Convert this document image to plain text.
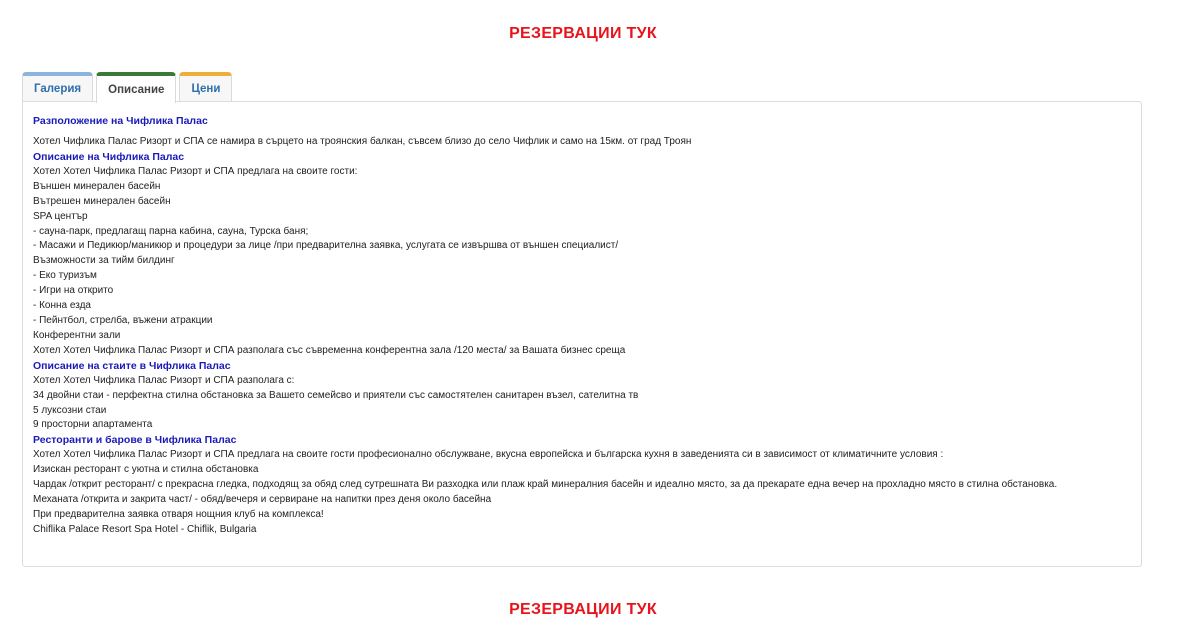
РЕЗЕРВАЦИИ ТУК
Галерия	Описание	Цени
Разположение на Чифлика Палас
Хотел Чифлика Палас Ризорт и СПА се намира в сърцето на троянския балкан, съвсем близо до село Чифлик и само на 15км. от град Троян
Описание на Чифлика Палас
Хотел Хотел Чифлика Палас Ризорт и СПА предлага на своите гости:
Външен минерален басейн
Вътрешен минерален басейн
SPA център
- сауна-парк, предлагащ парна кабина, сауна, Турска баня;
- Масажи и Педикюр/маникюр и процедури за лице /при предварителна заявка, услугата се извършва от външен специалист/
Възможности за тийм билдинг
- Еко туризъм
- Игри на открито
- Конна езда
- Пейнтбол, стрелба, въжени атракции
Конферентни зали
Хотел Хотел Чифлика Палас Ризорт и СПА разполага със съвременна конферентна зала /120 места/ за Вашата бизнес среща
Описание на стаите в Чифлика Палас
Хотел Хотел Чифлика Палас Ризорт и СПА разполага с:
34 двойни стаи - перфектна стилна обстановка за Вашето семейсво и приятели със самостятелен санитарен възел, сателитна тв
5 луксозни стаи
9 просторни апартамента
Ресторанти и барове в Чифлика Палас
Хотел Хотел Чифлика Палас Ризорт и СПА предлага на своите гости професионално обслужване, вкусна европейска и българска кухня в заведенията си в зависимост от климатичните условия :
Изискан ресторант с уютна и стилна обстановка
Чардак /открит ресторант/ с прекрасна гледка, подходящ за обяд след сутрешната Ви разходка или плаж край минералния басейн и идеално място, за да прекарате една вечер на прохладно място в стилна обстановка.
Механата /открита и закрита част/ - обяд/вечеря и сервиране на напитки през деня около басейна
При предварителна заявка отваря нощния клуб на комплекса!
Chiflika Palace Resort Spa Hotel - Chiflik, Bulgaria
РЕЗЕРВАЦИИ ТУК
